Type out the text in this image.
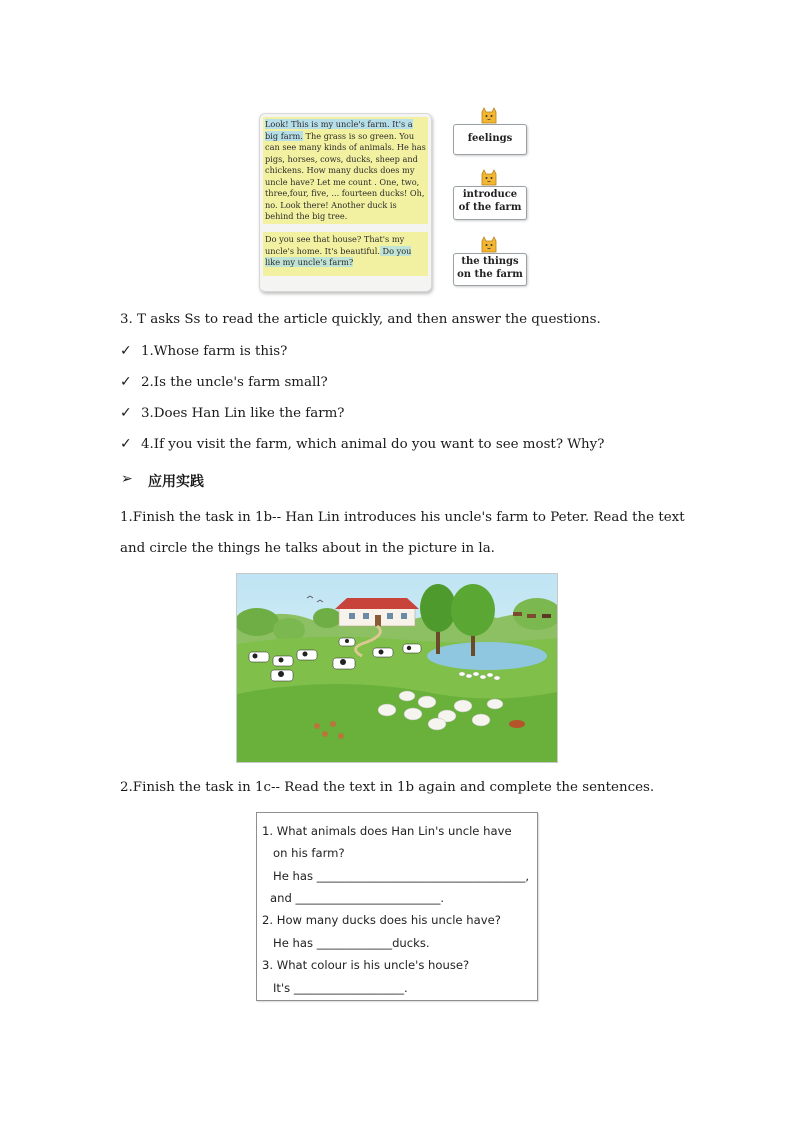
Look! This is my uncle's farm. It's a big farm. The grass is so green. You can see many kinds of animals. He has pigs, horses, cows, ducks, sheep and chickens. How many ducks does my uncle have? Let me count . One, two, three,four, five, ... fourteen ducks! Oh, no. Look there! Another duck is behind the big tree.

Do you see that house? That's my uncle's home. It's beautiful. Do you like my uncle's farm?

feelings
introduce
of the farm
the things
on the farm
3. T asks Ss to read the article quickly, and then answer the questions.
✓ 1.Whose farm is this?
✓ 2.Is the uncle's farm small?
✓ 3.Does Han Lin like the farm?
✓ 4.If you visit the farm, which animal do you want to see most? Why?
➢ 应用实践
1.Finish the task in 1b-- Han Lin introduces his uncle's farm to Peter. Read the text
and circle the things he talks about in the picture in la.
2.Finish the task in 1c-- Read the text in 1b again and complete the sentences.
1. What animals does Han Lin's uncle have
on his farm?
He has ____________________________________,
and _________________________.
2. How many ducks does his uncle have?
He has _____________ducks.
3. What colour is his uncle's house?
It's ___________________.
